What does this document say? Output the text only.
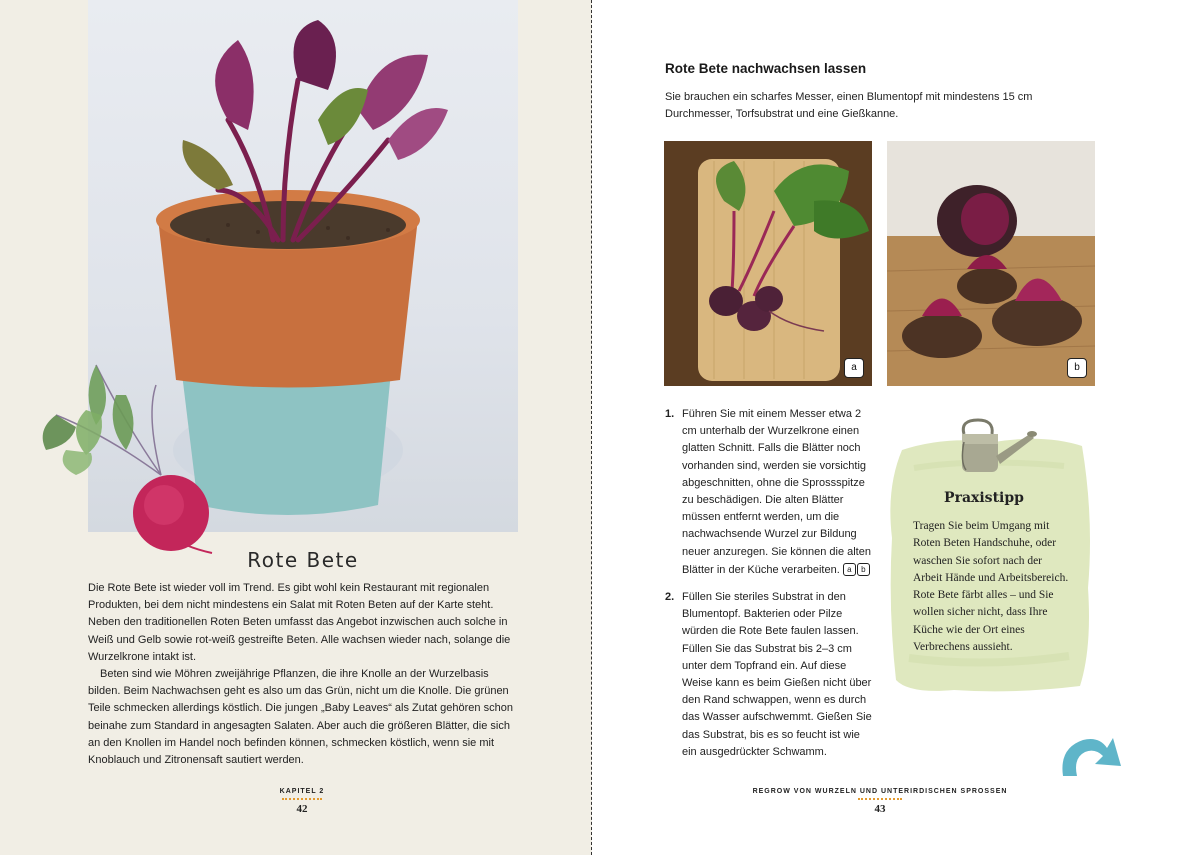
Rote Bete

Die Rote Bete ist wieder voll im Trend. Es gibt wohl kein Restaurant mit regionalen Produkten, bei dem nicht mindestens ein Salat mit Roten Beten auf der Karte steht. Neben den traditionellen Roten Beten umfasst das Angebot inzwischen auch solche in Weiß und Gelb sowie rot-weiß gestreifte Beten. Alle wachsen wieder nach, solange die Wurzelkrone intakt ist.

Beten sind wie Möhren zweijährige Pflanzen, die ihre Knolle an der Wurzelbasis bilden. Beim Nachwachsen geht es also um das Grün, nicht um die Knolle. Die grünen Teile schmecken allerdings köstlich. Die jungen „Baby Leaves“ als Zutat gehören schon beinahe zum Standard in angesagten Salaten. Aber auch die größeren Blätter, die sich an den Knollen im Handel noch befinden können, schmecken köstlich, wenn sie mit Knoblauch und Zitronensaft sautiert werden.

KAPITEL 2
42
Rote Bete nachwachsen lassen
Sie brauchen ein scharfes Messer, einen Blumentopf mit mindestens 15 cm Durchmesser, Torfsubstrat und eine Gießkanne.
a	b
1. Führen Sie mit einem Messer etwa 2 cm unterhalb der Wurzelkrone einen glatten Schnitt. Falls die Blätter noch vorhanden sind, werden sie vorsichtig abgeschnitten, ohne die Sprossspitze zu beschädigen. Die alten Blätter müssen entfernt werden, um die nachwachsende Wurzel zur Bildung neuer anzuregen. Sie können die alten Blätter in der Küche verarbeiten. a b
2. Füllen Sie steriles Substrat in den Blumentopf. Bakterien oder Pilze würden die Rote Bete faulen lassen. Füllen Sie das Substrat bis 2–3 cm unter dem Topfrand ein. Auf diese Weise kann es beim Gießen nicht über den Rand schwappen, wenn es durch das Wasser aufschwemmt. Gießen Sie das Substrat, bis es so feucht ist wie ein ausgedrückter Schwamm.
Praxistipp
Tragen Sie beim Umgang mit Roten Beten Handschuhe, oder waschen Sie sofort nach der Arbeit Hände und Arbeitsbereich. Rote Bete färbt alles – und Sie wollen sicher nicht, dass Ihre Küche wie der Ort eines Verbrechens aussieht.
REGROW VON WURZELN UND UNTERIRDISCHEN SPROSSEN
43
